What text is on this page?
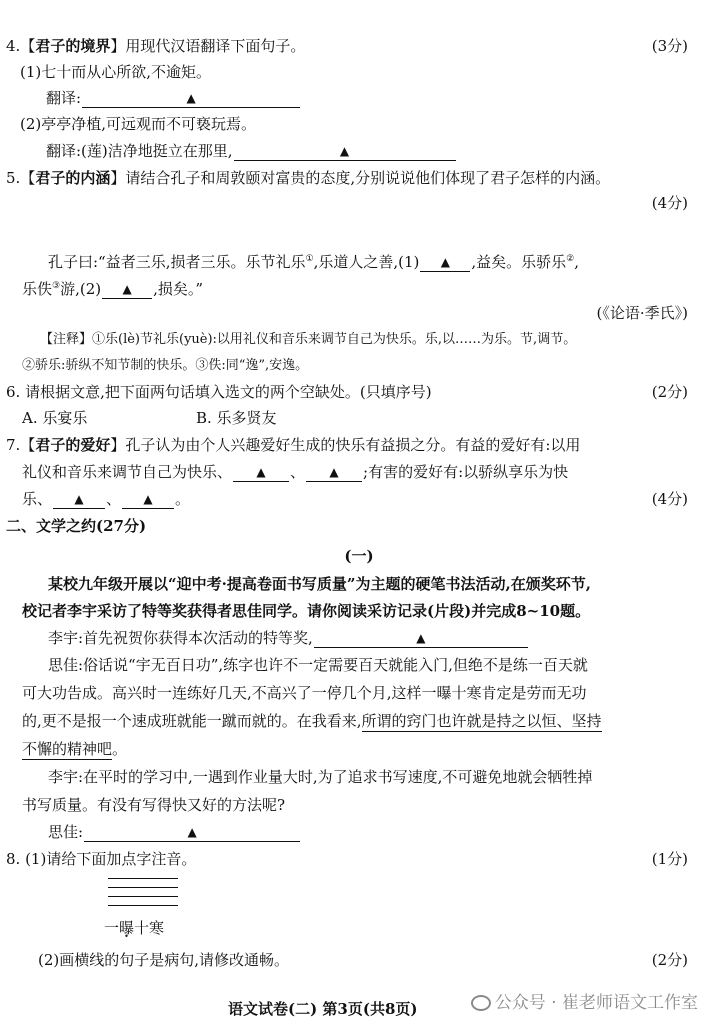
4.【君子的境界】用现代汉语翻译下面句子。	(3分)
(1)七十而从心所欲,不逾矩。
翻译:	▲
(2)亭亭净植,可远观而不可亵玩焉。
翻译:(莲)洁净地挺立在那里,	▲
5.【君子的内涵】请结合孔子和周敦颐对富贵的态度,分别说说他们体现了君子怎样的内涵。
(4分)
孔子曰:“益者三乐,损者三乐。乐节礼乐①,乐道人之善,(1) ▲ ,益矣。乐骄乐②,
乐佚③游,(2) ▲ ,损矣。”
(《论语·季氏》)
【注释】①乐(lè)节礼乐(yuè):以用礼仪和音乐来调节自己为快乐。乐,以……为乐。节,调节。
②骄乐:骄纵不知节制的快乐。③佚:同“逸”,安逸。
6. 请根据文意,把下面两句话填入选文的两个空缺处。(只填序号)	(2分)
A. 乐宴乐	B. 乐多贤友
7.【君子的爱好】孔子认为由个人兴趣爱好生成的快乐有益损之分。有益的爱好有:以用
礼仪和音乐来调节自己为快乐、 ▲ 、 ▲ ;有害的爱好有:以骄纵享乐为快
乐、 ▲ 、 ▲ 。	(4分)
二、文学之约(27分)
(一)
某校九年级开展以“迎中考·提高卷面书写质量”为主题的硬笔书法活动,在颁奖环节,
校记者李宇采访了特等奖获得者思佳同学。请你阅读采访记录(片段)并完成8~10题。
李宇:首先祝贺你获得本次活动的特等奖,	▲
思佳:俗话说“宇无百日功”,练字也许不一定需要百天就能入门,但绝不是练一百天就
可大功告成。高兴时一连练好几天,不高兴了一停几个月,这样一曝十寒肯定是劳而无功
的,更不是报一个速成班就能一蹴而就的。在我看来,所谓的窍门也许就是持之以恒、坚持
不懈的精神吧。
李宇:在平时的学习中,一遇到作业量大时,为了追求书写速度,不可避免地就会牺牲掉
书写质量。有没有写得快又好的方法呢?
思佳:	▲
8. (1)请给下面加点字注音。	(1分)
一曝十寒
(2)画横线的句子是病句,请修改通畅。	(2分)
语文试卷(二) 第3页(共8页)	公众号 · 崔老师语文工作室
